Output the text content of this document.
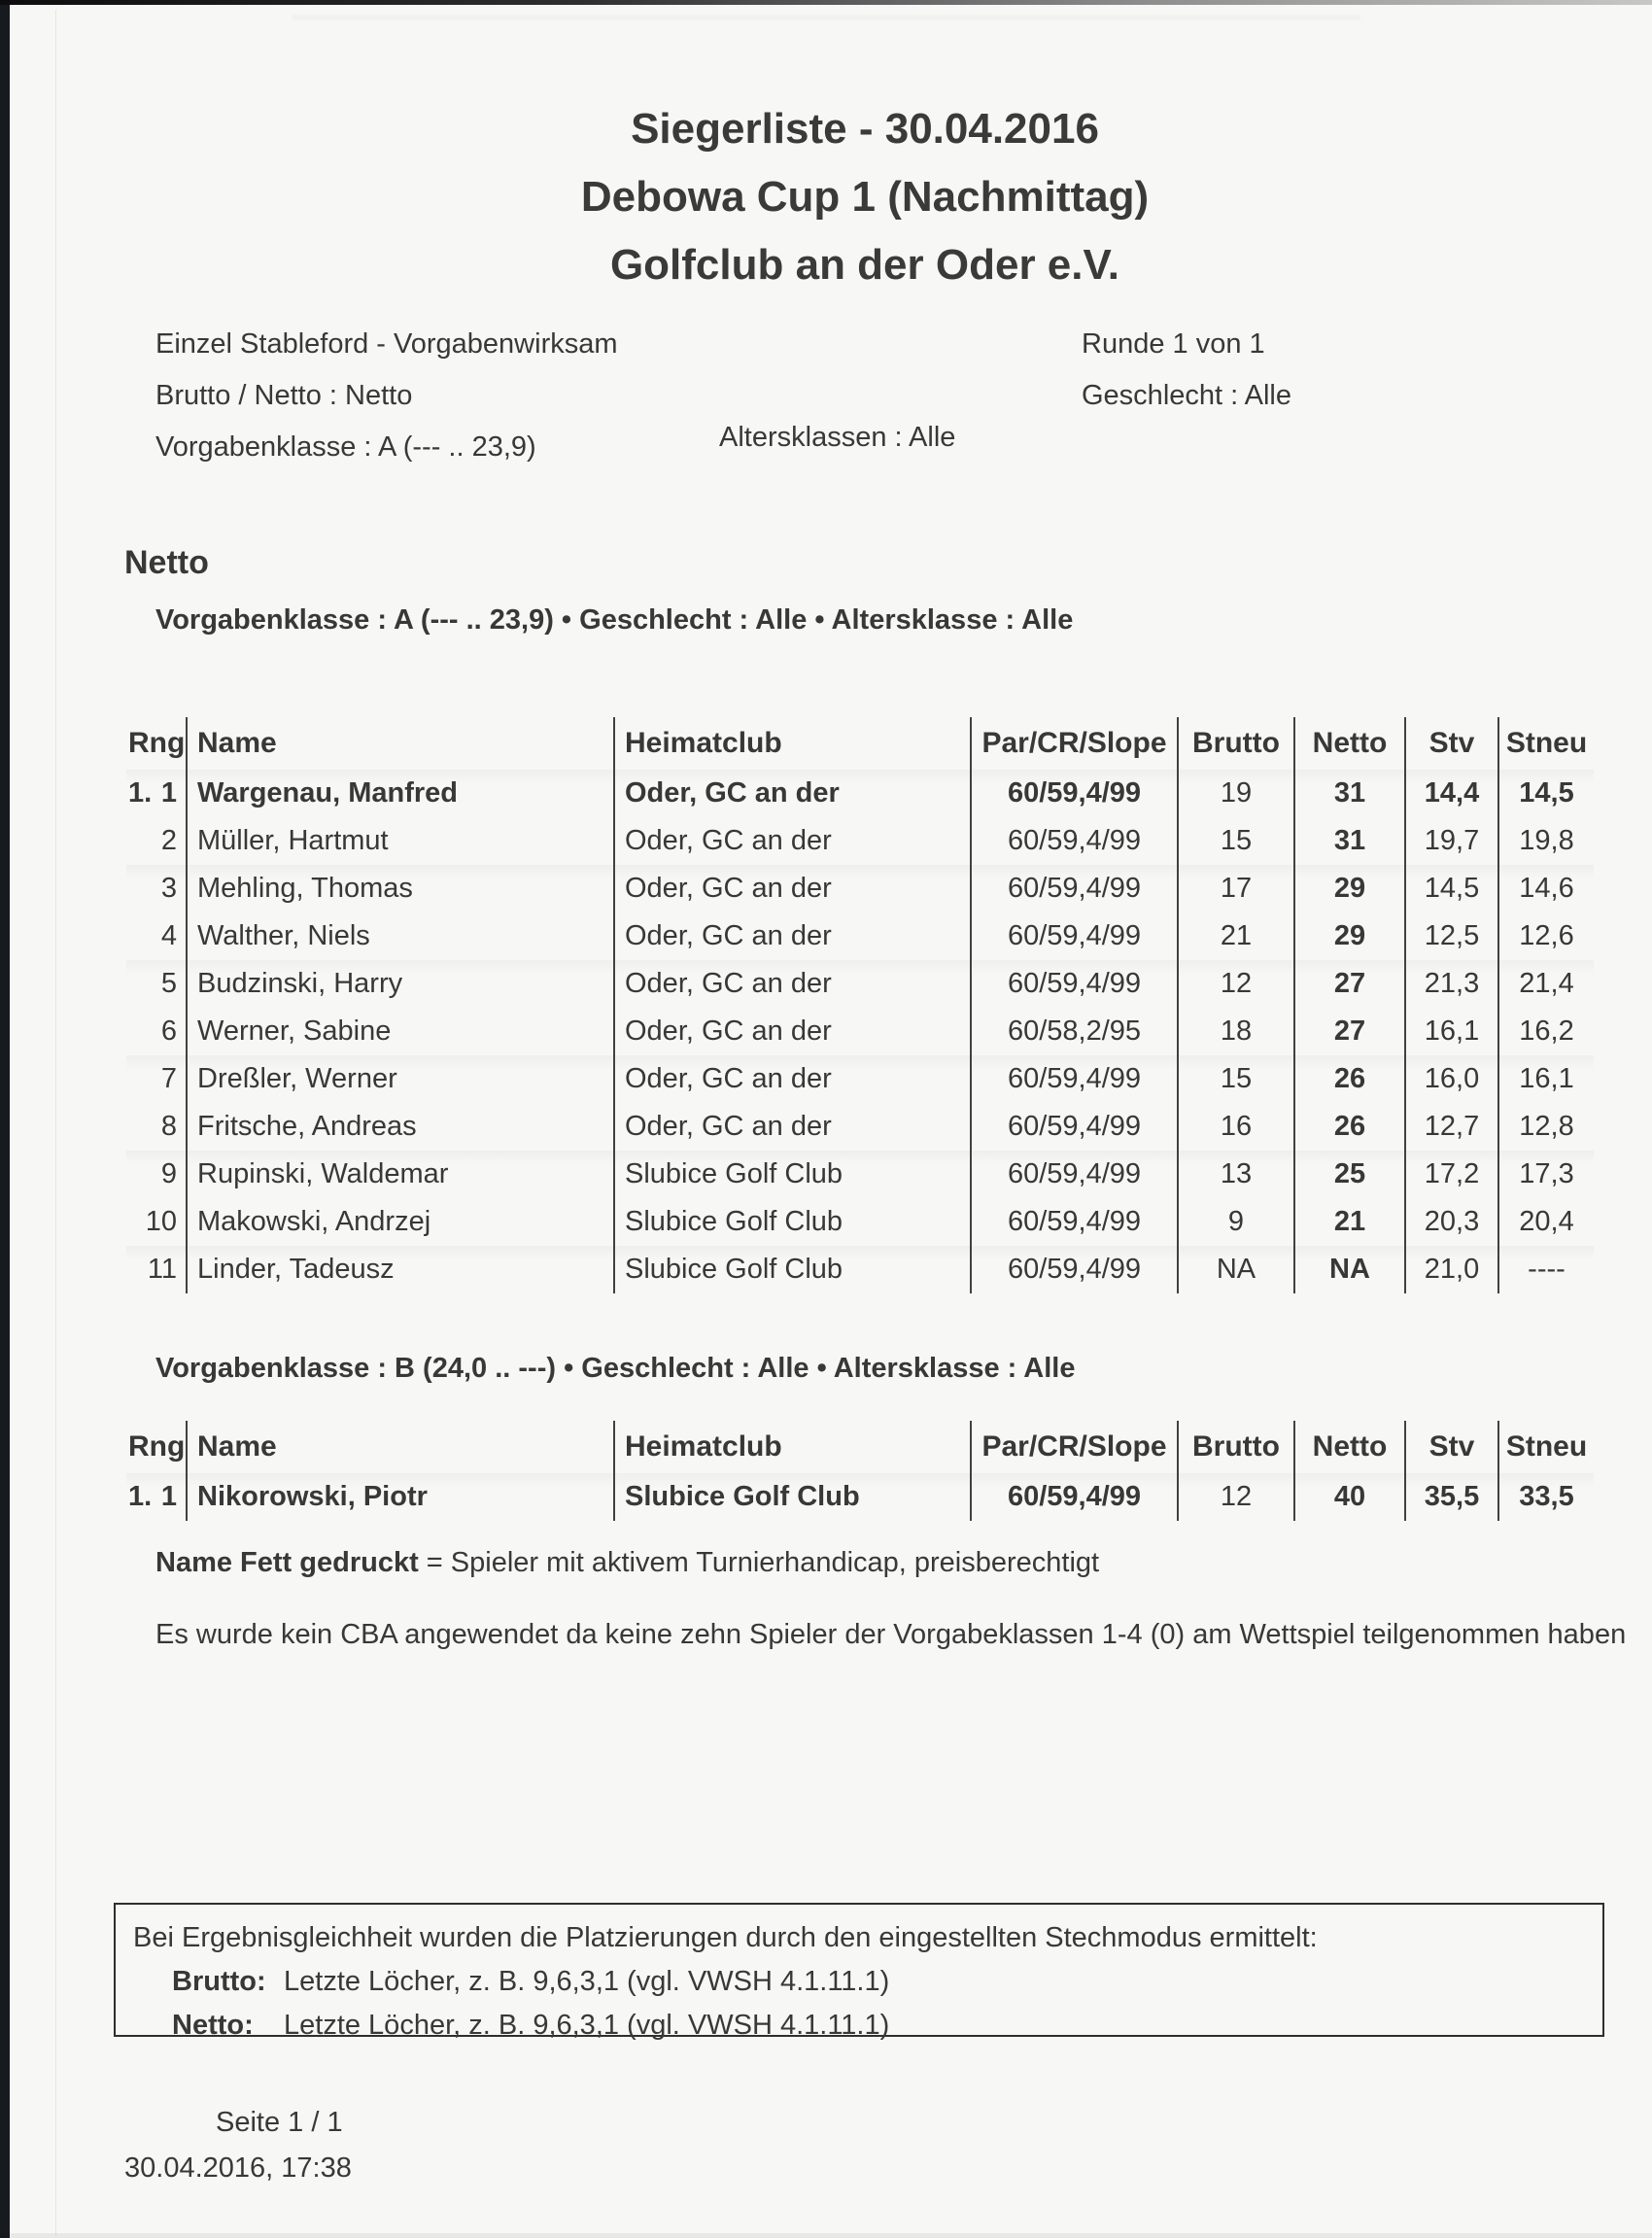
Siegerliste - 30.04.2016
Debowa Cup 1 (Nachmittag)
Golfclub an der Oder e.V.
Einzel Stableford - Vorgabenwirksam
Brutto / Netto : Netto
Vorgabenklasse : A (--- .. 23,9)	Altersklassen : Alle
Runde 1 von 1
Geschlecht : Alle
Netto
Vorgabenklasse : A (--- .. 23,9) • Geschlecht : Alle • Altersklasse : Alle
Rng Name	Heimatclub	Par/CR/Slope Brutto	Netto	Stv	Stneu
1. 1 Wargenau, Manfred	Oder, GC an der	60/59,4/99	19	31	14,4	14,5
2 Müller, Hartmut	Oder, GC an der	60/59,4/99	15	31	19,7	19,8
3 Mehling, Thomas	Oder, GC an der	60/59,4/99	17	29	14,5	14,6
4 Walther, Niels	Oder, GC an der	60/59,4/99	21	29	12,5	12,6
5 Budzinski, Harry	Oder, GC an der	60/59,4/99	12	27	21,3	21,4
6 Werner, Sabine	Oder, GC an der	60/58,2/95	18	27	16,1	16,2
7 Dreßler, Werner	Oder, GC an der	60/59,4/99	15	26	16,0	16,1
8 Fritsche, Andreas	Oder, GC an der	60/59,4/99	16	26	12,7	12,8
9 Rupinski, Waldemar	Slubice Golf Club	60/59,4/99	13	25	17,2	17,3
10 Makowski, Andrzej	Slubice Golf Club	60/59,4/99	9	21	20,3	20,4
11 Linder, Tadeusz	Slubice Golf Club	60/59,4/99	NA	NA	21,0	----
Vorgabenklasse : B (24,0 .. ---) • Geschlecht : Alle • Altersklasse : Alle
Rng Name	Heimatclub	Par/CR/Slope Brutto	Netto	Stv	Stneu
1. 1 Nikorowski, Piotr	Slubice Golf Club	60/59,4/99	12	40	35,5	33,5
Name Fett gedruckt = Spieler mit aktivem Turnierhandicap, preisberechtigt
Es wurde kein CBA angewendet da keine zehn Spieler der Vorgabeklassen 1-4 (0) am Wettspiel teilgenommen haben
Bei Ergebnisgleichheit wurden die Platzierungen durch den eingestellten Stechmodus ermittelt:
Brutto: Letzte Löcher, z. B. 9,6,3,1 (vgl. VWSH 4.1.11.1)
Netto:	Letzte Löcher, z. B. 9,6,3,1 (vgl. VWSH 4.1.11.1)
Seite 1 / 1
30.04.2016, 17:38
